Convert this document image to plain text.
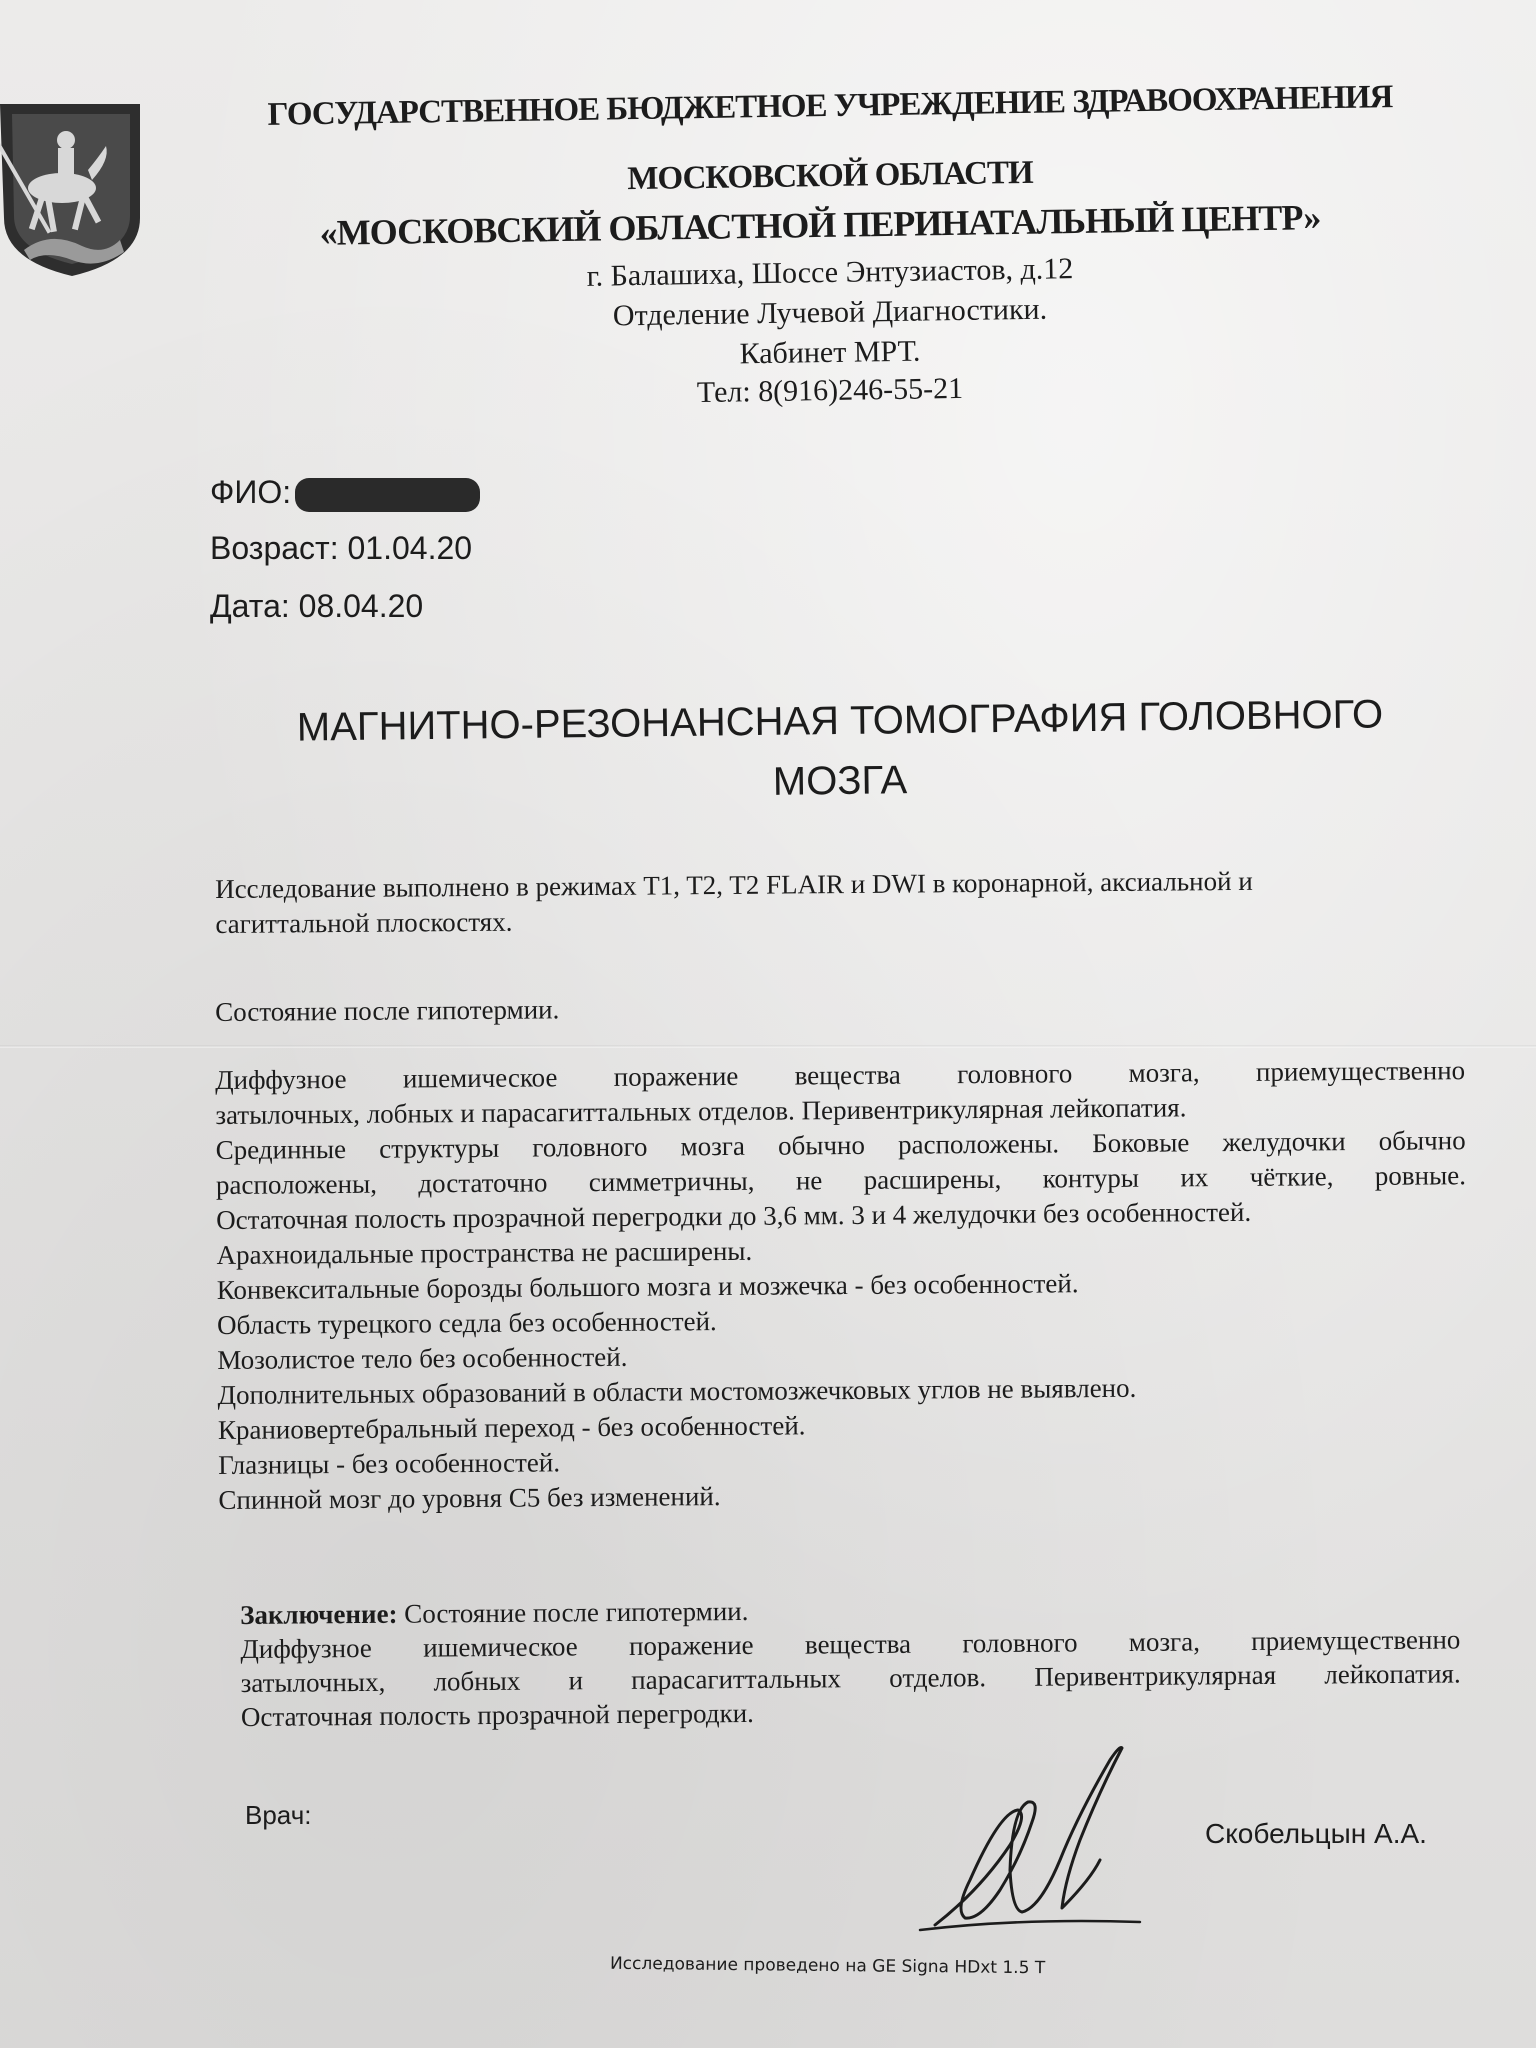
ГОСУДАРСТВЕННОЕ БЮДЖЕТНОЕ УЧРЕЖДЕНИЕ ЗДРАВООХРАНЕНИЯ
МОСКОВСКОЙ ОБЛАСТИ
«МОСКОВСКИЙ ОБЛАСТНОЙ ПЕРИНАТАЛЬНЫЙ ЦЕНТР»
г. Балашиха, Шоссе Энтузиастов, д.12
Отделение Лучевой Диагностики.
Кабинет МРТ.
Тел: 8(916)246-55-21
ФИО:
Возраст: 01.04.20
Дата: 08.04.20
МАГНИТНО-РЕЗОНАНСНАЯ ТОМОГРАФИЯ ГОЛОВНОГО
МОЗГА

Исследование выполнено в режимах T1, T2, T2 FLAIR и DWI в коронарной, аксиальной и

сагиттальной плоскостях.

Состояние после гипотермии.

Диффузное ишемическое поражение вещества головного мозга, приемущественно

затылочных, лобных и парасагиттальных отделов. Перивентрикулярная лейкопатия.

Срединные структуры головного мозга обычно расположены. Боковые желудочки обычно

расположены, достаточно симметричны, не расширены, контуры их чёткие, ровные.

Остаточная полость прозрачной перегродки до 3,6 мм. 3 и 4 желудочки без особенностей.

Арахноидальные пространства не расширены.

Конвекситальные борозды большого мозга и мозжечка - без особенностей.

Область турецкого седла без особенностей.

Мозолистое тело без особенностей.

Дополнительных образований в области мостомозжечковых углов не выявлено.

Краниовертебральный переход - без особенностей.

Глазницы - без особенностей.

Спинной мозг до уровня С5 без изменений.

Заключение: Состояние после гипотермии.

Диффузное ишемическое поражение вещества головного мозга, приемущественно

затылочных, лобных и парасагиттальных отделов. Перивентрикулярная лейкопатия.

Остаточная полость прозрачной перегродки.

Врач:
Скобельцын А.А.
Исследование проведено на GE Signa HDxt 1.5 T
